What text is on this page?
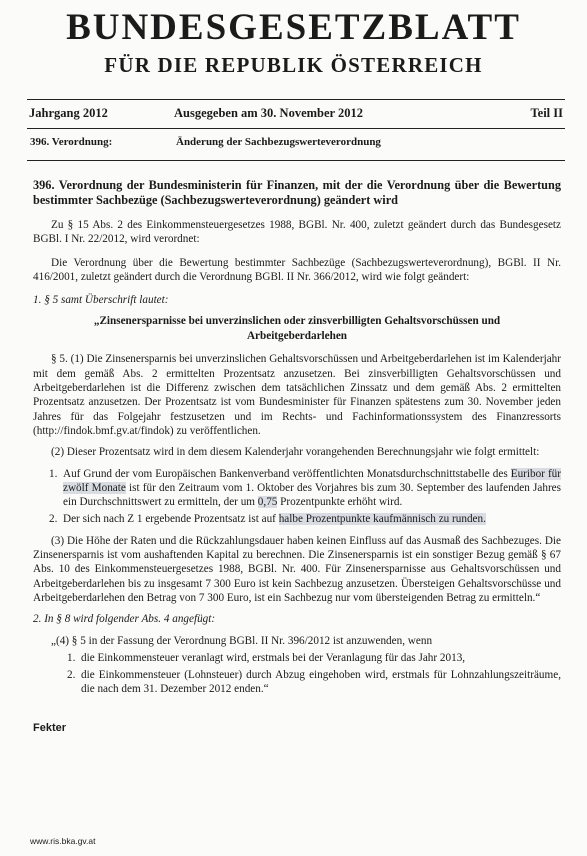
BUNDESGESETZBLATT

FÜR DIE REPUBLIK ÖSTERREICH

Jahrgang 2012	Ausgegeben am 30. November 2012	Teil II
396. Verordnung:	Änderung der Sachbezugswerteverordnung

396. Verordnung der Bundesministerin für Finanzen, mit der die Verordnung über die Bewertung bestimmter Sachbezüge (Sachbezugswerteverordnung) geändert wird

Zu § 15 Abs. 2 des Einkommensteuergesetzes 1988, BGBl. Nr. 400, zuletzt geändert durch das Bundesgesetz BGBl. I Nr. 22/2012, wird verordnet:

Die Verordnung über die Bewertung bestimmter Sachbezüge (Sachbezugswerteverordnung), BGBl. II Nr. 416/2001, zuletzt geändert durch die Verordnung BGBl. II Nr. 366/2012, wird wie folgt geändert:

1. § 5 samt Überschrift lautet:

„Zinsenersparnisse bei unverzinslichen oder zinsverbilligten Gehaltsvorschüssen und Arbeitgeberdarlehen

§ 5. (1) Die Zinsenersparnis bei unverzinslichen Gehaltsvorschüssen und Arbeitgeberdarlehen ist im Kalenderjahr mit dem gemäß Abs. 2 ermittelten Prozentsatz anzusetzen. Bei zinsverbilligten Gehaltsvorschüssen und Arbeitgeberdarlehen ist die Differenz zwischen dem tatsächlichen Zinssatz und dem gemäß Abs. 2 ermittelten Prozentsatz anzusetzen. Der Prozentsatz ist vom Bundesminister für Finanzen spätestens zum 30. November jeden Jahres für das Folgejahr festzusetzen und im Rechts- und Fachinformationssystem des Finanzressorts (http://findok.bmf.gv.at/findok) zu veröffentlichen.

(2) Dieser Prozentsatz wird in dem diesem Kalenderjahr vorangehenden Berechnungsjahr wie folgt ermittelt:

1. Auf Grund der vom Europäischen Bankenverband veröffentlichten Monatsdurchschnittstabelle des Euribor für zwölf Monate ist für den Zeitraum vom 1. Oktober des Vorjahres bis zum 30. September des laufenden Jahres ein Durchschnittswert zu ermitteln, der um 0,75 Prozentpunkte erhöht wird.
2. Der sich nach Z 1 ergebende Prozentsatz ist auf halbe Prozentpunkte kaufmännisch zu runden.

(3) Die Höhe der Raten und die Rückzahlungsdauer haben keinen Einfluss auf das Ausmaß des Sachbezuges. Die Zinsenersparnis ist vom aushaftenden Kapital zu berechnen. Die Zinsenersparnis ist ein sonstiger Bezug gemäß § 67 Abs. 10 des Einkommensteuergesetzes 1988, BGBl. Nr. 400. Für Zinsenersparnisse aus Gehaltsvorschüssen und Arbeitgeberdarlehen bis zu insgesamt 7 300 Euro ist kein Sachbezug anzusetzen. Übersteigen Gehaltsvorschüsse und Arbeitgeberdarlehen den Betrag von 7 300 Euro, ist ein Sachbezug nur vom übersteigenden Betrag zu ermitteln.“

2. In § 8 wird folgender Abs. 4 angefügt:

„(4) § 5 in der Fassung der Verordnung BGBl. II Nr. 396/2012 ist anzuwenden, wenn

1. die Einkommensteuer veranlagt wird, erstmals bei der Veranlagung für das Jahr 2013,
2. die Einkommensteuer (Lohnsteuer) durch Abzug eingehoben wird, erstmals für Lohnzahlungszeiträume, die nach dem 31. Dezember 2012 enden.“

Fekter

www.ris.bka.gv.at
